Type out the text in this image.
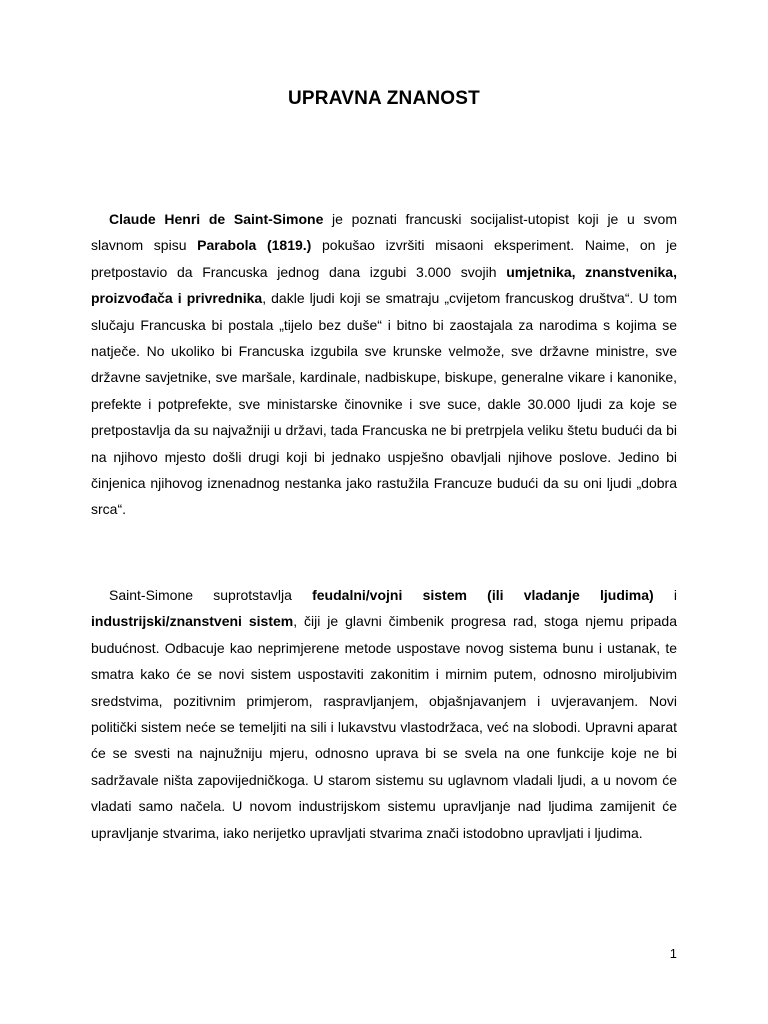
UPRAVNA ZNANOST

Claude Henri de Saint-Simone je poznati francuski socijalist-utopist koji je u svom slavnom spisu Parabola (1819.) pokušao izvršiti misaoni eksperiment. Naime, on je pretpostavio da Francuska jednog dana izgubi 3.000 svojih umjetnika, znanstvenika, proizvođača i privrednika, dakle ljudi koji se smatraju „cvijetom francuskog društva“. U tom slučaju Francuska bi postala „tijelo bez duše“ i bitno bi zaostajala za narodima s kojima se natječe. No ukoliko bi Francuska izgubila sve krunske velmože, sve državne ministre, sve državne savjetnike, sve maršale, kardinale, nadbiskupe, biskupe, generalne vikare i kanonike, prefekte i potprefekte, sve ministarske činovnike i sve suce, dakle 30.000 ljudi za koje se pretpostavlja da su najvažniji u državi, tada Francuska ne bi pretrpjela veliku štetu budući da bi na njihovo mjesto došli drugi koji bi jednako uspješno obavljali njihove poslove. Jedino bi činjenica njihovog iznenadnog nestanka jako rastužila Francuze budući da su oni ljudi „dobra srca“.

Saint-Simone suprotstavlja feudalni/vojni sistem (ili vladanje ljudima) i industrijski/znanstveni sistem, čiji je glavni čimbenik progresa rad, stoga njemu pripada budućnost. Odbacuje kao neprimjerene metode uspostave novog sistema bunu i ustanak, te smatra kako će se novi sistem uspostaviti zakonitim i mirnim putem, odnosno miroljubivim sredstvima, pozitivnim primjerom, raspravljanjem, objašnjavanjem i uvjeravanjem. Novi politički sistem neće se temeljiti na sili i lukavstvu vlastodržaca, već na slobodi. Upravni aparat će se svesti na najnužniju mjeru, odnosno uprava bi se svela na one funkcije koje ne bi sadržavale ništa zapovijedničkoga. U starom sistemu su uglavnom vladali ljudi, a u novom će vladati samo načela. U novom industrijskom sistemu upravljanje nad ljudima zamijenit će upravljanje stvarima, iako nerijetko upravljati stvarima znači istodobno upravljati i ljudima.

1
